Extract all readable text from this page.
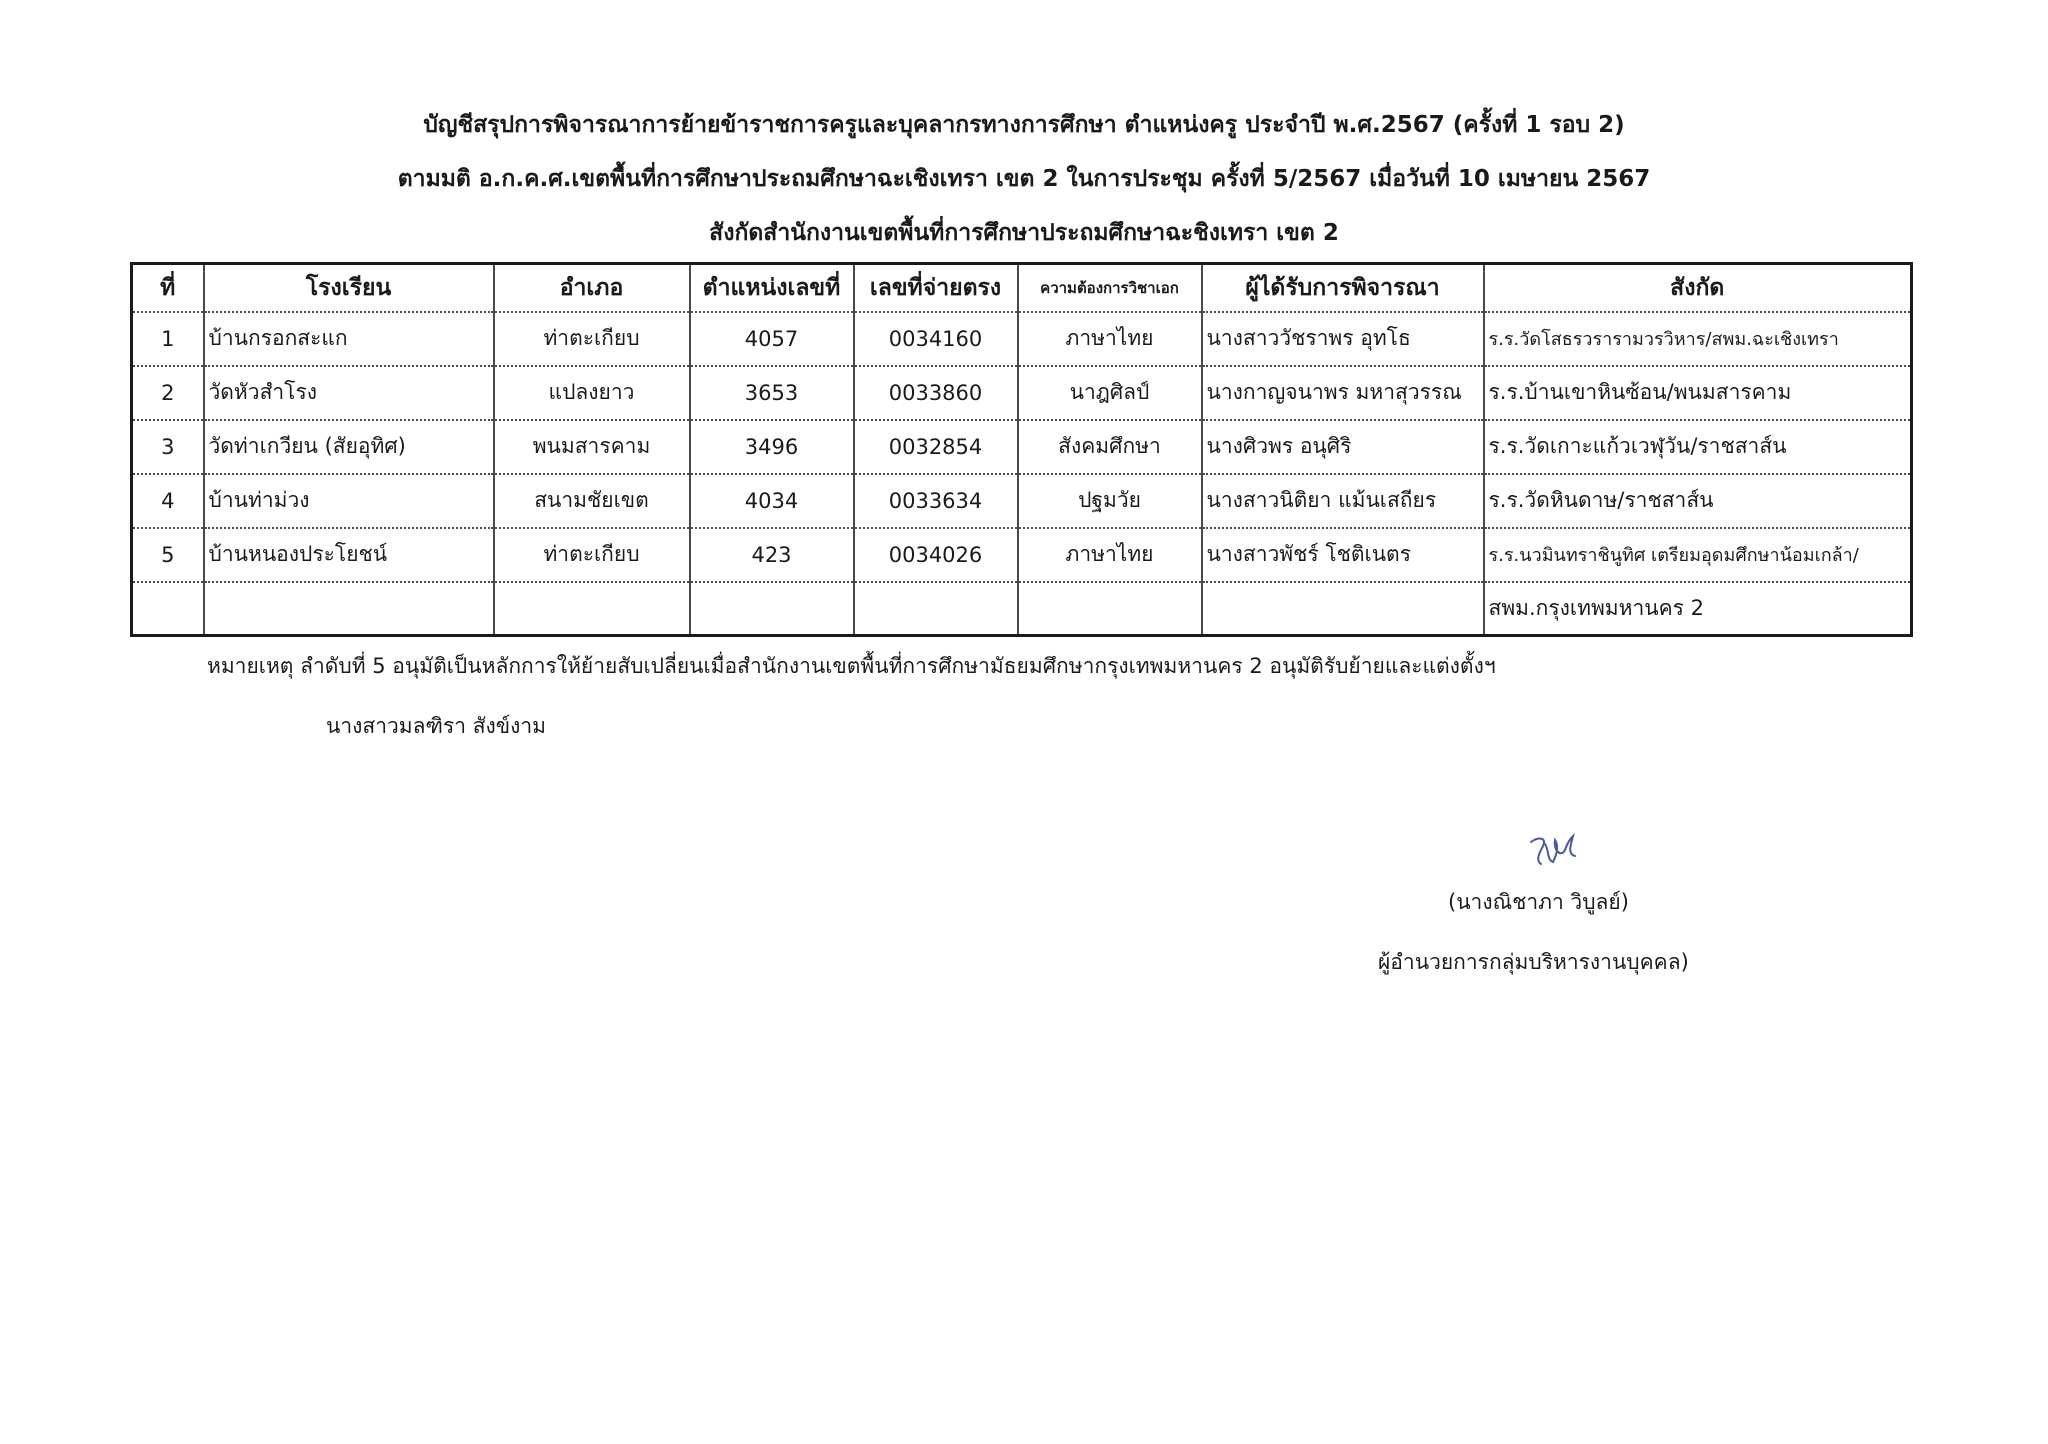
บัญชีสรุปการพิจารณาการย้ายข้าราชการครูและบุคลากรทางการศึกษา ตำแหน่งครู ประจำปี พ.ศ.2567 (ครั้งที่ 1 รอบ 2)
ตามมติ อ.ก.ค.ศ.เขตพื้นที่การศึกษาประถมศึกษาฉะเชิงเทรา เขต 2 ในการประชุม ครั้งที่ 5/2567 เมื่อวันที่ 10 เมษายน 2567
สังกัดสำนักงานเขตพื้นที่การศึกษาประถมศึกษาฉะชิงเทรา เขต 2
ที่	โรงเรียน	อำเภอ	ตำแหน่งเลขที่	เลขที่จ่ายตรง	ความต้องการวิชาเอก	ผู้ได้รับการพิจารณา	สังกัด
1	บ้านกรอกสะแก	ท่าตะเกียบ	4057	0034160	ภาษาไทย	นางสาววัชราพร อุทโธ	ร.ร.วัดโสธรวรารามวรวิหาร/สพม.ฉะเชิงเทรา
2	วัดหัวสำโรง	แปลงยาว	3653	0033860	นาฎศิลป์	นางกาญจนาพร มหาสุวรรณ	ร.ร.บ้านเขาหินซ้อน/พนมสารคาม
3	วัดท่าเกวียน (สัยอุทิศ)	พนมสารคาม	3496	0032854	สังคมศึกษา	นางศิวพร อนุศิริ	ร.ร.วัดเกาะแก้วเวฬุวัน/ราชสาส์น
4	บ้านท่าม่วง	สนามชัยเขต	4034	0033634	ปฐมวัย	นางสาวนิติยา แม้นเสถียร	ร.ร.วัดหินดาษ/ราชสาส์น
5	บ้านหนองประโยชน์	ท่าตะเกียบ	423	0034026	ภาษาไทย	นางสาวพัชร์ โชติเนตร	ร.ร.นวมินทราชินูทิศ เตรียมอุดมศึกษาน้อมเกล้า/
							สพม.กรุงเทพมหานคร 2
หมายเหตุ ลำดับที่ 5 อนุมัติเป็นหลักการให้ย้ายสับเปลี่ยนเมื่อสำนักงานเขตพื้นที่การศึกษามัธยมศึกษากรุงเทพมหานคร 2 อนุมัติรับย้ายและแต่งตั้งฯ
นางสาวมลฑิรา สังข์งาม
(นางณิชาภา วิบูลย์)
ผู้อำนวยการกลุ่มบริหารงานบุคคล)
